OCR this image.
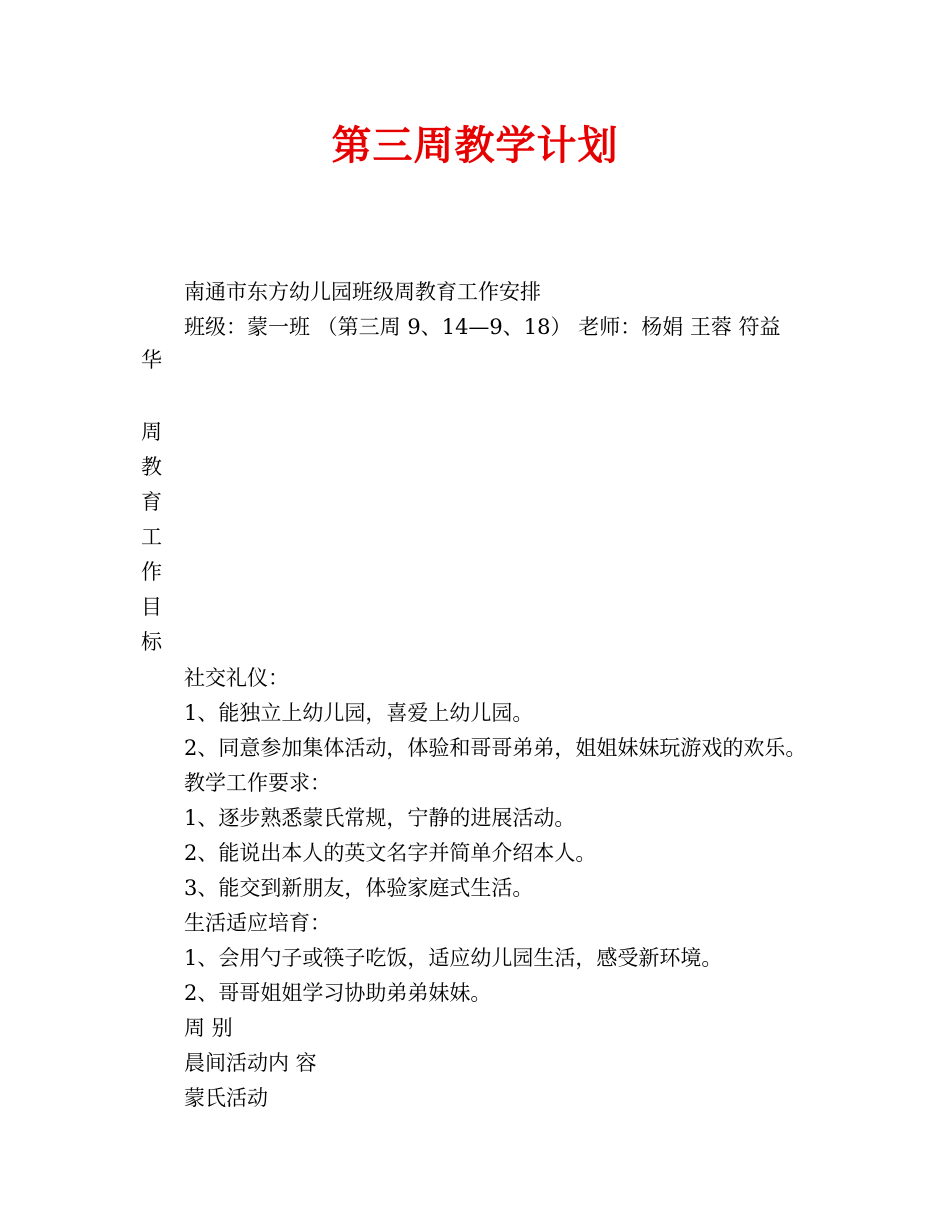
第三周教学计划
南通市东方幼儿园班级周教育工作安排
班级：蒙一班 （第三周 9、14—9、18） 老师：杨娟 王蓉 符益
华
周
教
育
工
作
目
标
社交礼仪：
1、能独立上幼儿园，喜爱上幼儿园。
2、同意参加集体活动，体验和哥哥弟弟，姐姐妹妹玩游戏的欢乐。
教学工作要求：
1、逐步熟悉蒙氏常规，宁静的进展活动。
2、能说出本人的英文名字并简单介绍本人。
3、能交到新朋友，体验家庭式生活。
生活适应培育：
1、会用勺子或筷子吃饭，适应幼儿园生活，感受新环境。
2、哥哥姐姐学习协助弟弟妹妹。
周 别
晨间活动内 容
蒙氏活动
